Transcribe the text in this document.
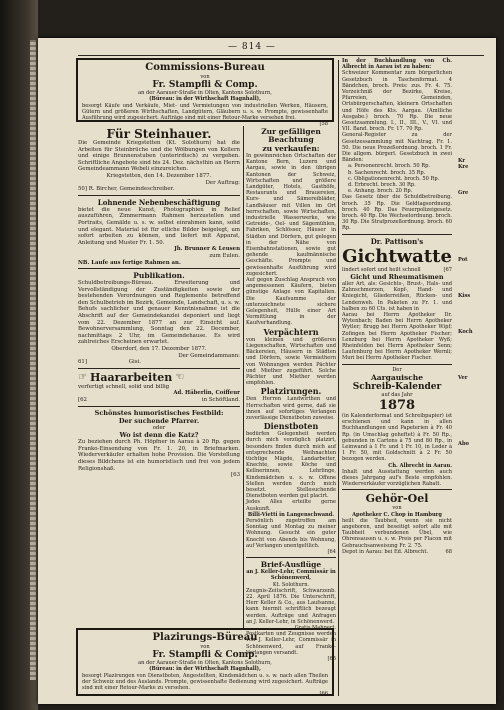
— 814 —
Commissions-Bureau
von
Fr. Stampfli & Comp.
an der Aarauer-Straße in Olten, Kantons Solothurn,
(Büreau: in der Wirthschaft Hagnhall),
besorgt Käufe und Verkäufe, Miet- und Vermietungen von industriellen Werken, Häusern, Gütern und größeren Wirthschaften, Landgütern, Gläubern u. s. w. Prompte, gewissenhafte Ausführung wird zugesichert. Aufträge sind mit einer Retour-Marke versehen frei.
[58
Für Steinhauer.
Die Gemeinde Kriegstetten (Kt. Solothurn) hat die Arbeiten für Steinbrüche und die Wölbungen von Kellern und einige Brunnenstuben (unterirdisch) zu vergeben. Schriftliche Angebote sind bis 24. Dez. nächsthin an Herrn Gemeindeammann Webeli einzureichen.
Kriegstetten, den 14. Dezember 1877.
Der Auftrag:
50] R. Bircher, Gemeindeschreiber.
Lohnende Nebenbeschäftigung
bietet die neue Kunst, Photographien in Relief auszuführen, Zimmermann Rahmen herzustellen und Portraits, Gemälde u. s. w. selbst einrahmen kann, solid und elegant. Material ist für etliche Bilder beigelegt, um sofort arbeiten zu können, und liefert mit Apparat, Anleitung und Muster Fr. 1. 50.
Jh. Brunner & Leusen
zum Eulen.
NB. Laufe aus fertige Rahmen an.
Publikation.
Schuldbetreibungs-Büreau. Erweiterung und Vervollständigung der Zuständigkeiten sowie der bestehenden Verordnungen und Reglemente betreffend den Schulbetrieb im Bezirk, Gemeinde, Landschaft, u. s. w. Behufs sachlicher und genauer Kenntnisnahme ist die Abschrift auf der Gemeindekanzlei deponiert und liegt vom 22. Dezember 1877 an zur Einsicht auf. Bewohnerversammlung, Sonntag den 22. December, nachmittags 2 Uhr, im Gemeindehause. Es wird zahlreiches Erscheinen erwartet.
Oberdorf, den 17. Dezember 1877.
Der Gemeindammann:
61]	Gisi.
☞ Haararbeiten ☜
verfertigt schnell, solid und billig
Ad. Häberlin, Coiffeur
[62	in Schöftland.
Schönstes humoristisches Festbild:
Der suchende Pfarrer.
oder
Wo ist denn die Katz?
Zu beziehen durch Ph. Höpfner in Aarau à 20 Rp. gegen Franko-Einsendung von Fr. 1. 20, in Briefmarken. Wiederverkäufer erhalten hohe Provision. Die Vorstellung dieses Bildchens ist ein humoristisch und frei von jedem Religionshaß.
[63
Zur gefälligen Beachtung
zu verkaufen:
In gewinnreichen Ortschaften der Kantone Bern, Luzern und Aargau, sowie in den übrigen Kantonen der Schweiz, Wirtschaften und größere Landgüter, Hotels, Gasthöfe, Restaurants und Brauereien, Kurs- und Sämereibläder, Landhäuser mit Villen im Ort herrschaften, sowie Wirtschaften, industrielle Wasserwerke, wie Getreide-, Oel- und Sägemühlen, Fabriken, Schlösser, Häuser in Städten und Dörfern, gut gelegen in der Nähe von Eisenbahnstationen, sowie gut gehende kaufmännische Geschäfte. Prompte und gewissenhafte Ausführung wird zugesichert.
Auf gegen Zuschlag Anspruch von angemessenen Käufern, bieten günstige Anlage von Kapitalien. Die Kaufsumme der unterzeichnete sichere Gelegenheit, Hülfe einer Art Vermittlung in der Kaufverhandlung.
Verpächtern
von kleinen und größeren Liegenschaften, Wirtschaften und Bäckereien, Häusern in Städten und Dörfern, sowie Vermiethern von Wohnungen werden Pächter und Miether zugeführt. Solche Pächter und Miether werden empfohlen.
Platzirungen.
Den Herren Landwirthen und Herrschaften wird gerne, daß sie ihnen auf sofortiges Verlangen zuverlässige Dienstboten zuweise.
Dienstboten
bedürfen Gelegenheit werden durch mich vorzüglich platzirt, besonders finden durch mich auf entsprechende Weihnachten tüchtige Mägde, Landarbeiter, Knechte, sowie Köche und Kellnerinnen, Lehrlinge, Kindsmädchen u. s. w. Offene Stellen werden durch mich besetzt. Stellesuchende Dienstboten werden gut placirt.
Jedes Alles erteilte gerne Auskunft.
Billi-Vietti in Langenschwand.
Persönlich zugetroffen am Sonntag und Montag zu meiner Wohnung. Gesucht ein guter Knecht von Abends bis Wohnung, auf Verlangen unentgeltlich.
[64
Brief-Ausflüge
an J. Keller-Lehr, Commissär in Schönenwerd,
Kt. Solothurn.
Zeugnis-Zeitschrift, Schwarzenb. 22. April 1876. Die Unterschrift, Herr Keller & Co., aus Laufsanne, kann hiermit schriftlich bezeugt werden. Aufträge und Anfragen an J. Keller-Lehr, in Schönenwerd.
Gratis Mahnert.
Postkarten und Zeugnisse werden von J. Keller-Lehr, Commissär in Schönenwerd, auf Franko-Verlangen versandt.
[65
Plazirungs-Büreau
von
Fr. Stampfli & Comp.
an der Aarauer-Straße in Olten, Kantons Solothurn,
(Büreau: in der Wirthschaft Hagnhall),
besorgt Plazirungen von Dienstboten, Angestellten, Kindsmädchen u. s. w. nach allen Theilen der Schweiz und des Auslands. Prompte, gewissenhafte Bedienung wird zugesichert. Aufträge sind mit einer Retour-Marke zu versehen.
[66
In der Buchhandlung von Ch. Albrecht in Aarau ist zu haben:
Schweizer Kommentar zum bürgerlichen Gesetzbuch in Taschenformat. 4 Bändchen, broch. Preis: zus. Fr. 4. 75. Verzeichniß der Bezirke, Kreise, Pfarreien, Gemeinden, Ortsbürgerschaften, kleinern Ortschaften und Höfe des Kts. Aargau. (Amtliche Ausgabe.) broch. 70 Rp. Die neue Gesetzsammlung. I., II., III., V., VI. und VII. Band. broch. Fr. 17. 70 Rp.
General-Register zu der Gesetzessammlung mit Nachtrag. Fr. 1. 50. Die neue Prozeßordnung. broch. 1 Fr. Die allgem. bürgerl. Gesetzbuch in zwei Bänden:
a. Personenrecht. broch. 50 Rp.
b. Sachenrecht. broch. 35 Rp.
c. Obligationenrecht. broch. 50 Rp.
d. Erbrecht. broch. 30 Rp.
e. Anhang. broch. 20 Rp.
Das Gesetz über die Schuldbetreibung. broch. 35 Rp. Die Geldtagsordnung. broch. 40 Rp. Das Feuerpolizeigesetz. broch. 40 Rp. Die Wechselordnung. broch. 30 Rp. Die Strafprozeßordnung. broch. 60 Rp.
Dr. Pattison's
Gichtwatte
lindert sofort und heilt schnell	[67
Gicht und Rheumatismen
aller Art, als: Gesichts-, Brust-, Hals- und Zahnschmerzen, Kopf-, Hand- und Kniegicht, Gliederreißen, Rücken- und Lendenweh. In Paketen zu Fr. 1. und halben zu 60 Cts. ist haben in
Aarau bei Herrn Apotheker Dr. Wytenbach; Baden bei Herrn Apotheker Wytler; Brugg bei Herrn Apotheker Wipf; Zofingen bei Herrn Apotheker Fischer; Lenzburg bei Herrn Apotheker Wyß; Rheinfelden bei Herrn Apotheker Senn; Laufenburg bei Herrn Apotheker Wernli; Muri bei Herrn Apotheker Fischer.
Der
Aargauische
Schreib-Kalender
auf das Jahr
1878
(in Kalenderformat und Schreibpapier) ist erschienen und kann in allen Buchhandlungen und Papeterien à Fr. 40 Rp. (in Umschlag geheftet) à Fr. 50 Rp., gebunden in Cartons à 75 und 80 Rp., in Leinwand à 1 Fr. und 1 Fr. 10, in Leder à 1 Fr. 50, mit Goldschnitt à 2 Fr. 50 bezogen werden.
Ch. Albrecht in Aarau.
Inhalt und Ausstattung werden auch dieses Jahrgang auf's Beste empfohlen. Wiederverkäufer vorzüglichen Rabatt.
Gehör-Oel
von
Apotheker C. Chop in Hamburg
heilt die Taubheit, wenn sie nicht angeboren, und beseitigt sofort alle mit Taubheit verbundenen Übel, wie Ohrensausen u. s. w. Preis per Flacon mit Gebrauchsanweisung Fr. 2. 75.
Depot in Aarau: bei Ed. Albrecht.	68
Kr
Kre
Gre
Pot
Kiss
Koch
Ver
Abo
